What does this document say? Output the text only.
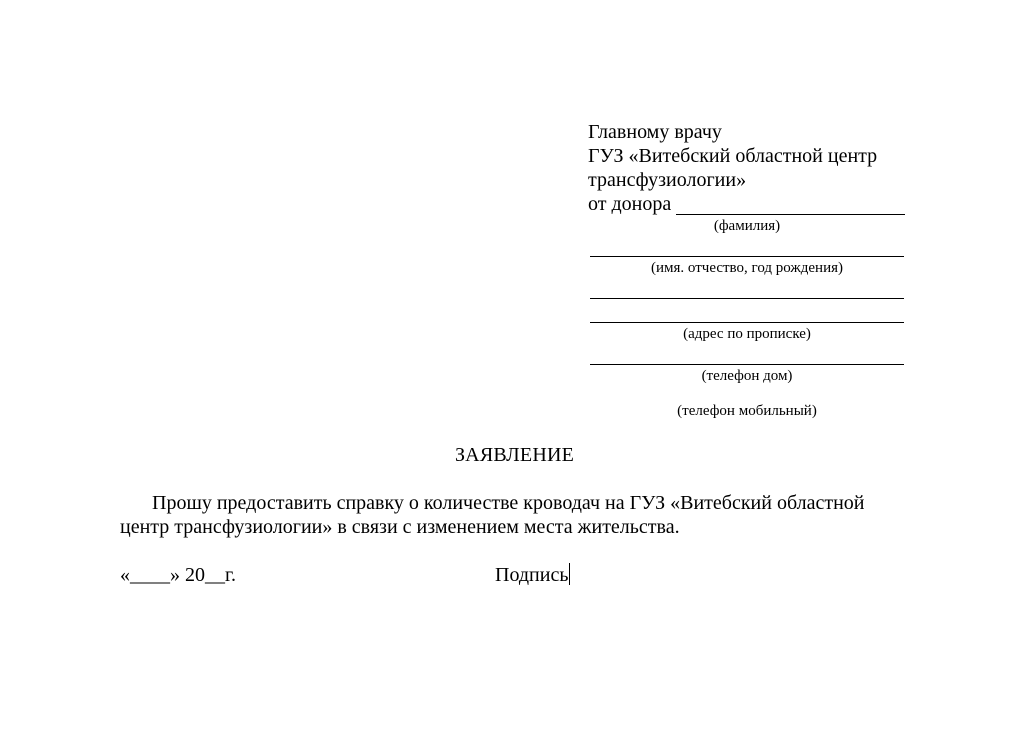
Главному врачу
ГУЗ «Витебский областной центр
трансфузиологии»
от донора
(фамилия)
(имя. отчество, год рождения)
(адрес по прописке)
(телефон дом)
(телефон мобильный)
ЗАЯВЛЕНИЕ
Прошу предоставить справку о количестве кроводач на ГУЗ «Витебский областной
центр трансфузиологии» в связи с изменением места жительства.
«____» 20__г.	Подпись
